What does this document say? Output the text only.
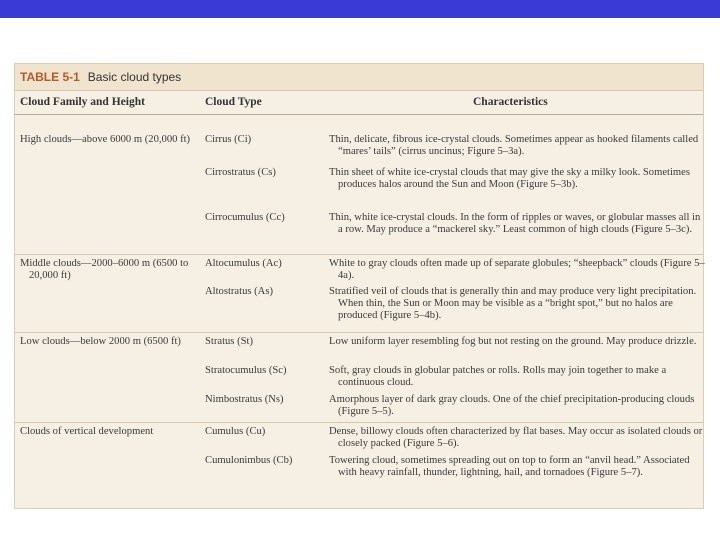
TABLE 5-1 Basic cloud types
Cloud Family and Height	Cloud Type	Characteristics
High clouds—above 6000 m (20,000 ft)
Middle clouds—2000–6000 m (6500 to 20,000 ft)
Low clouds—below 2000 m (6500 ft)
Clouds of vertical development
Cirrus (Ci)
Cirrostratus (Cs)
Cirrocumulus (Cc)
Altocumulus (Ac)
Altostratus (As)
Stratus (St)
Stratocumulus (Sc)
Nimbostratus (Ns)
Cumulus (Cu)
Cumulonimbus (Cb)
Thin, delicate, fibrous ice-crystal clouds. Sometimes appear as hooked filaments called “mares’ tails” (cirrus uncinus; Figure 5–3a).
Thin sheet of white ice-crystal clouds that may give the sky a milky look. Sometimes produces halos around the Sun and Moon (Figure 5–3b).
Thin, white ice-crystal clouds. In the form of ripples or waves, or globular masses all in a row. May produce a “mackerel sky.” Least common of high clouds (Figure 5–3c).
White to gray clouds often made up of separate globules; “sheepback” clouds (Figure 5–4a).
Stratified veil of clouds that is generally thin and may produce very light precipitation. When thin, the Sun or Moon may be visible as a “bright spot,” but no halos are produced (Figure 5–4b).
Low uniform layer resembling fog but not resting on the ground. May produce drizzle.
Soft, gray clouds in globular patches or rolls. Rolls may join together to make a continuous cloud.
Amorphous layer of dark gray clouds. One of the chief precipitation-producing clouds (Figure 5–5).
Dense, billowy clouds often characterized by flat bases. May occur as isolated clouds or closely packed (Figure 5–6).
Towering cloud, sometimes spreading out on top to form an “anvil head.” Associated with heavy rainfall, thunder, lightning, hail, and tornadoes (Figure 5–7).
